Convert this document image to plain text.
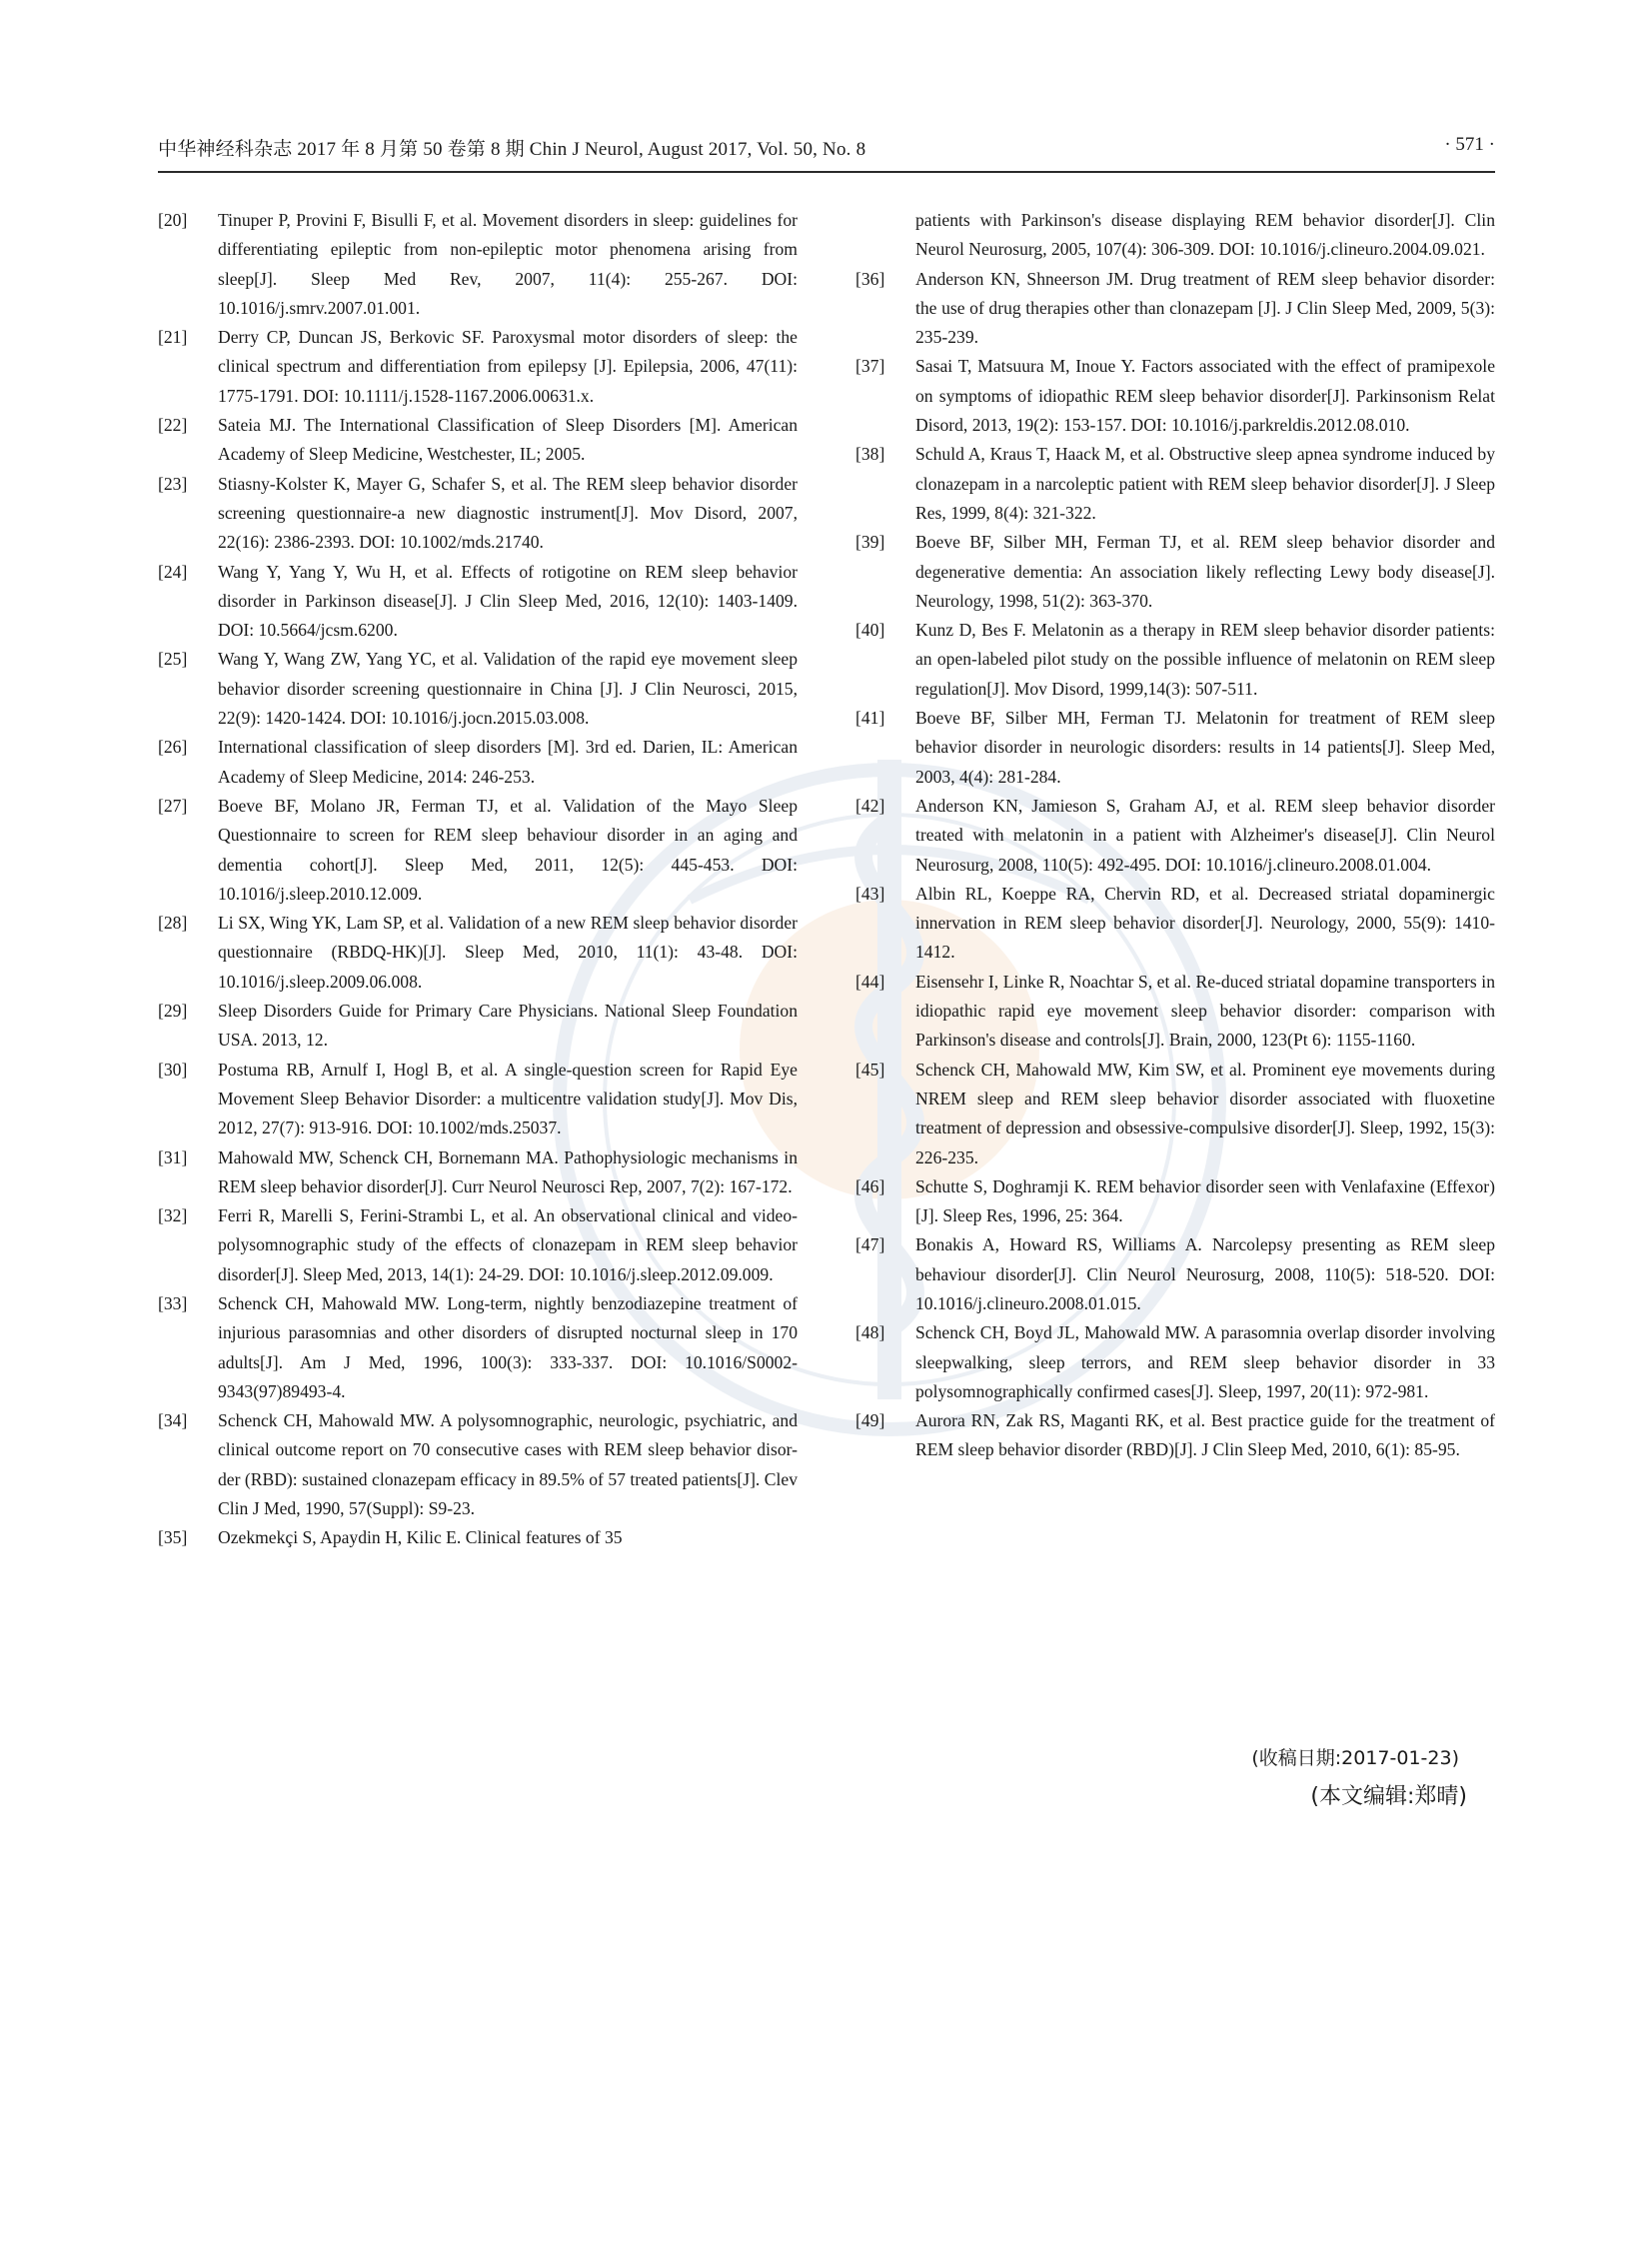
中华神经科杂志 2017 年 8 月第 50 卷第 8 期 Chin J Neurol, August 2017, Vol. 50, No. 8	· 571 ·

[20]	Tinuper P, Provini F, Bisulli F, et al. Movement disorders in sleep: guidelines for differentiating epileptic from non-epileptic motor phenomena arising from sleep[J]. Sleep Med Rev, 2007, 11(4): 255-267. DOI: 10.1016/j.smrv.2007.01.001.

[21]	Derry CP, Duncan JS, Berkovic SF. Paroxysmal motor disorders of sleep: the clinical spectrum and differentiation from epilepsy [J]. Epilepsia, 2006, 47(11): 1775-1791. DOI: 10.1111/j.1528-1167.2006.00631.x.

[22]	Sateia MJ. The International Classification of Sleep Disorders [M]. American Academy of Sleep Medicine, Westchester, IL; 2005.

[23]	Stiasny-Kolster K, Mayer G, Schafer S, et al. The REM sleep behavior disorder screening questionnaire-a new diagnostic instrument[J]. Mov Disord, 2007, 22(16): 2386-2393. DOI: 10.1002/mds.21740.

[24]	Wang Y, Yang Y, Wu H, et al. Effects of rotigotine on REM sleep behavior disorder in Parkinson disease[J]. J Clin Sleep Med, 2016, 12(10): 1403-1409. DOI: 10.5664/jcsm.6200.

[25]	Wang Y, Wang ZW, Yang YC, et al. Validation of the rapid eye movement sleep behavior disorder screening questionnaire in China [J]. J Clin Neurosci, 2015, 22(9): 1420-1424. DOI: 10.1016/j.jocn.2015.03.008.

[26]	International classification of sleep disorders [M]. 3rd ed. Darien, IL: American Academy of Sleep Medicine, 2014: 246-253.

[27]	Boeve BF, Molano JR, Ferman TJ, et al. Validation of the Mayo Sleep Questionnaire to screen for REM sleep behaviour disorder in an aging and dementia cohort[J]. Sleep Med, 2011, 12(5): 445-453. DOI: 10.1016/j.sleep.2010.12.009.

[28]	Li SX, Wing YK, Lam SP, et al. Validation of a new REM sleep behavior disorder questionnaire (RBDQ-HK)[J]. Sleep Med, 2010, 11(1): 43-48. DOI: 10.1016/j.sleep.2009.06.008.

[29]	Sleep Disorders Guide for Primary Care Physicians. National Sleep Foundation USA. 2013, 12.

[30]	Postuma RB, Arnulf I, Hogl B, et al. A single-question screen for Rapid Eye Movement Sleep Behavior Disorder: a multicentre validation study[J]. Mov Dis, 2012, 27(7): 913-916. DOI: 10.1002/mds.25037.

[31]	Mahowald MW, Schenck CH, Bornemann MA. Pathophysiologic mechanisms in REM sleep behavior disorder[J]. Curr Neurol Neurosci Rep, 2007, 7(2): 167-172.

[32]	Ferri R, Marelli S, Ferini-Strambi L, et al. An observational clinical and video-polysomnographic study of the effects of clonazepam in REM sleep behavior disorder[J]. Sleep Med, 2013, 14(1): 24-29. DOI: 10.1016/j.sleep.2012.09.009.

[33]	Schenck CH, Mahowald MW. Long-term, nightly benzodiazepine treatment of injurious parasomnias and other disorders of disrupted nocturnal sleep in 170 adults[J]. Am J Med, 1996, 100(3): 333-337. DOI: 10.1016/S0002-9343(97)89493-4.

[34]	Schenck CH, Mahowald MW. A polysomnographic, neurologic, psychiatric, and clinical outcome report on 70 consecutive cases with REM sleep behavior disor-der (RBD): sustained clonazepam efficacy in 89.5% of 57 treated patients[J]. Clev Clin J Med, 1990, 57(Suppl): S9-23.

[35]	Ozekmekçi S, Apaydin H, Kilic E. Clinical features of 35

patients with Parkinson's disease displaying REM behavior disorder[J]. Clin Neurol Neurosurg, 2005, 107(4): 306-309. DOI: 10.1016/j.clineuro.2004.09.021.

[36]	Anderson KN, Shneerson JM. Drug treatment of REM sleep behavior disorder: the use of drug therapies other than clonazepam [J]. J Clin Sleep Med, 2009, 5(3): 235-239.

[37]	Sasai T, Matsuura M, Inoue Y. Factors associated with the effect of pramipexole on symptoms of idiopathic REM sleep behavior disorder[J]. Parkinsonism Relat Disord, 2013, 19(2): 153-157. DOI: 10.1016/j.parkreldis.2012.08.010.

[38]	Schuld A, Kraus T, Haack M, et al. Obstructive sleep apnea syndrome induced by clonazepam in a narcoleptic patient with REM sleep behavior disorder[J]. J Sleep Res, 1999, 8(4): 321-322.

[39]	Boeve BF, Silber MH, Ferman TJ, et al. REM sleep behavior disorder and degenerative dementia: An association likely reflecting Lewy body disease[J]. Neurology, 1998, 51(2): 363-370.

[40]	Kunz D, Bes F. Melatonin as a therapy in REM sleep behavior disorder patients: an open-labeled pilot study on the possible influence of melatonin on REM sleep regulation[J]. Mov Disord, 1999,14(3): 507-511.

[41]	Boeve BF, Silber MH, Ferman TJ. Melatonin for treatment of REM sleep behavior disorder in neurologic disorders: results in 14 patients[J]. Sleep Med, 2003, 4(4): 281-284.

[42]	Anderson KN, Jamieson S, Graham AJ, et al. REM sleep behavior disorder treated with melatonin in a patient with Alzheimer's disease[J]. Clin Neurol Neurosurg, 2008, 110(5): 492-495. DOI: 10.1016/j.clineuro.2008.01.004.

[43]	Albin RL, Koeppe RA, Chervin RD, et al. Decreased striatal dopaminergic innervation in REM sleep behavior disorder[J]. Neurology, 2000, 55(9): 1410-1412.

[44]	Eisensehr I, Linke R, Noachtar S, et al. Re-duced striatal dopamine transporters in idiopathic rapid eye movement sleep behavior disorder: comparison with Parkinson's disease and controls[J]. Brain, 2000, 123(Pt 6): 1155-1160.

[45]	Schenck CH, Mahowald MW, Kim SW, et al. Prominent eye movements during NREM sleep and REM sleep behavior disorder associated with fluoxetine treatment of depression and obsessive-compulsive disorder[J]. Sleep, 1992, 15(3): 226-235.

[46]	Schutte S, Doghramji K. REM behavior disorder seen with Venlafaxine (Effexor)[J]. Sleep Res, 1996, 25: 364.

[47]	Bonakis A, Howard RS, Williams A. Narcolepsy presenting as REM sleep behaviour disorder[J]. Clin Neurol Neurosurg, 2008, 110(5): 518-520. DOI: 10.1016/j.clineuro.2008.01.015.

[48]	Schenck CH, Boyd JL, Mahowald MW. A parasomnia overlap disorder involving sleepwalking, sleep terrors, and REM sleep behavior disorder in 33 polysomnographically confirmed cases[J]. Sleep, 1997, 20(11): 972-981.

[49]	Aurora RN, Zak RS, Maganti RK, et al. Best practice guide for the treatment of REM sleep behavior disorder (RBD)[J]. J Clin Sleep Med, 2010, 6(1): 85-95.

(收稿日期:2017-01-23)
(本文编辑:郑晴)
